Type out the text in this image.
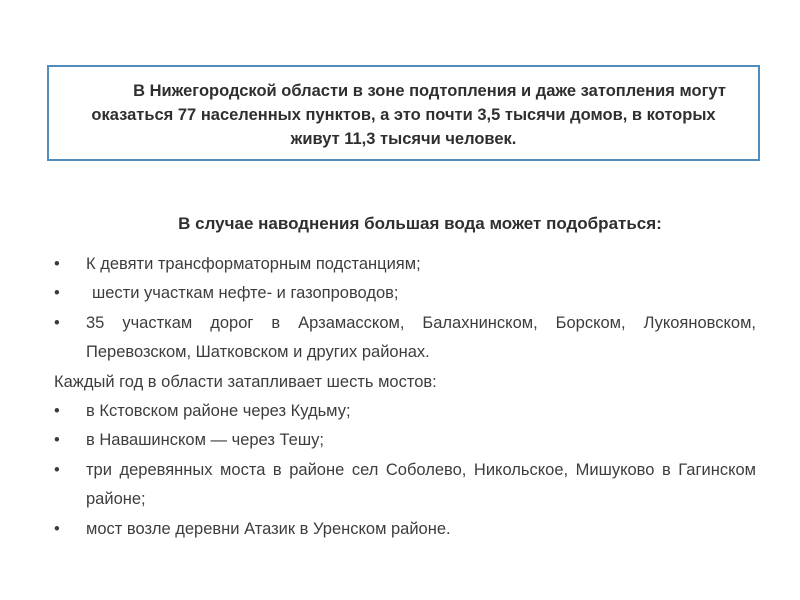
В Нижегородской области в зоне подтопления и даже затопления могут оказаться 77 населенных пунктов, а это почти 3,5 тысячи домов, в которых живут 11,3 тысячи человек.

В случае наводнения большая вода может подобраться:
•	К девяти трансформаторным подстанциям;
•	шести участкам нефте- и газопроводов;
•	35 участкам дорог в Арзамасском, Балахнинском, Борском, Лукояновском, Перевозском, Шатковском и других районах.
Каждый год в области затапливает шесть мостов:
•	в Кстовском районе через Кудьму;
•	в Навашинском — через Тешу;
•	три деревянных моста в районе сел Соболево, Никольское, Мишуково в Гагинском районе;
•	мост возле деревни Атазик в Уренском районе.
